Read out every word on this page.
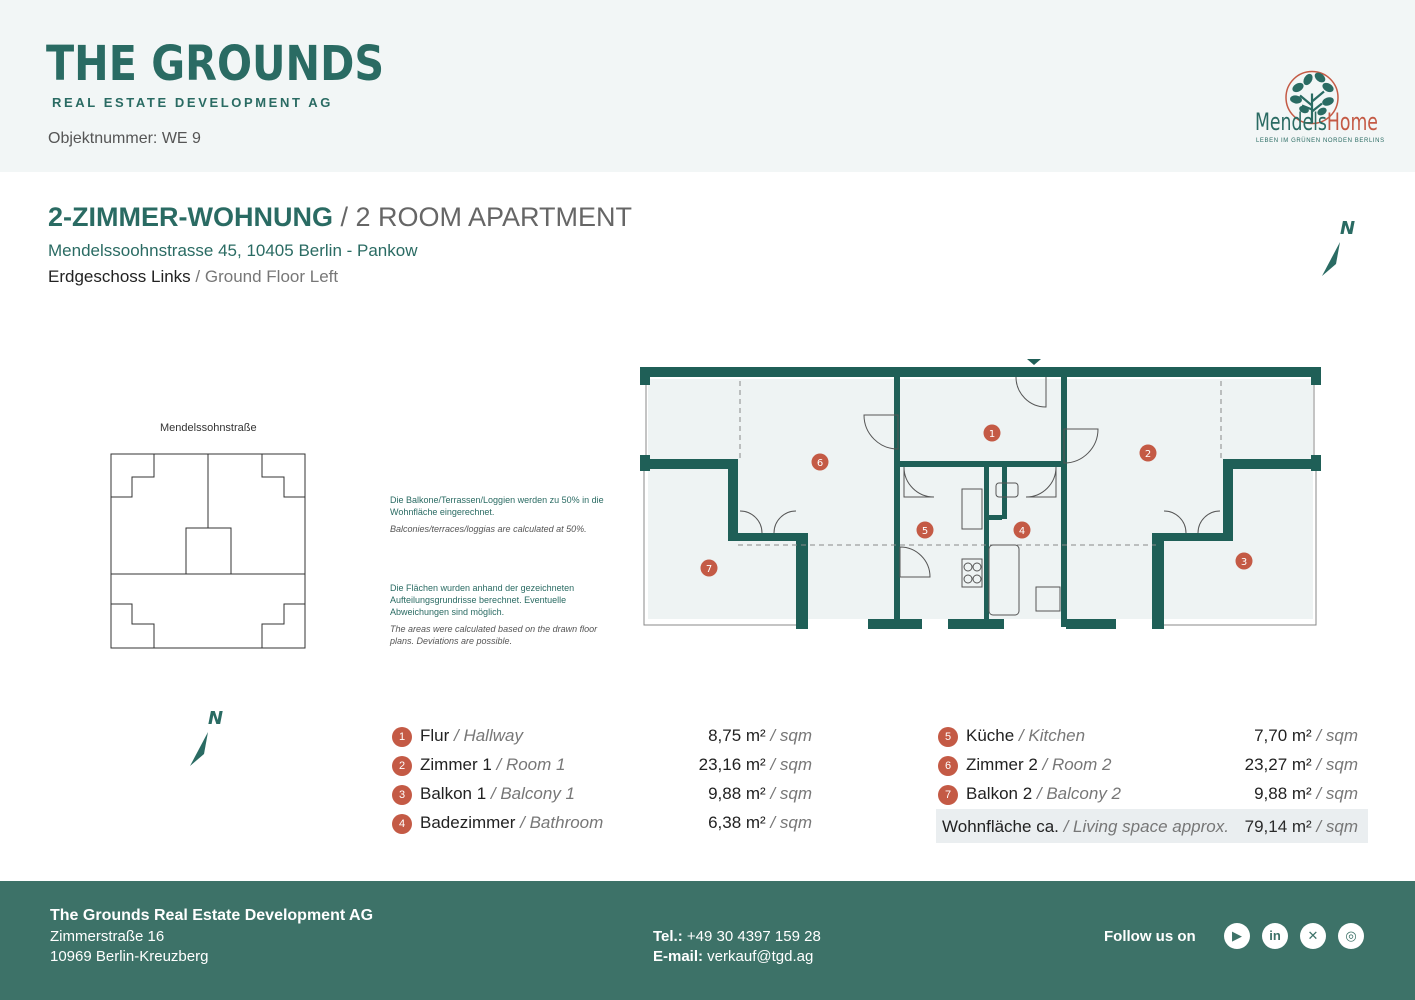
THE GROUNDS
REAL ESTATE DEVELOPMENT AG
Objektnummer: WE 9
MendelsHome
LEBEN IM GRÜNEN NORDEN BERLINS
2-ZIMMER-WOHNUNG / 2 ROOM APARTMENT
Mendelssoohnstrasse 45, 10405 Berlin - Pankow
Erdgeschoss Links / Ground Floor Left
N
Mendelssohnstraße
N
Die Balkone/Terrassen/Loggien werden zu 50% in die Wohnfläche eingerechnet.
Balconies/terraces/loggias are calculated at 50%.
Die Flächen wurden anhand der gezeichneten Aufteilungsgrundrisse berechnet. Eventuelle Abweichungen sind möglich.
The areas were calculated based on the drawn floor plans. Deviations are possible.
1
2
3
4
5
6
7
1 Flur / Hallway	8,75 m² / sqm
2 Zimmer 1 / Room 1	23,16 m² / sqm
3 Balkon 1 / Balcony 1	9,88 m² / sqm
4 Badezimmer / Bathroom	6,38 m² / sqm
5 Küche / Kitchen	7,70 m² / sqm
6 Zimmer 2 / Room 2	23,27 m² / sqm
7 Balkon 2 / Balcony 2	9,88 m² / sqm
Wohnfläche ca. / Living space approx. 79,14 m² / sqm
The Grounds Real Estate Development AG
Zimmerstraße 16
10969 Berlin-Kreuzberg
Tel.: +49 30 4397 159 28
E-mail: verkauf@tgd.ag
Follow us on	▶	in	✕	◎
